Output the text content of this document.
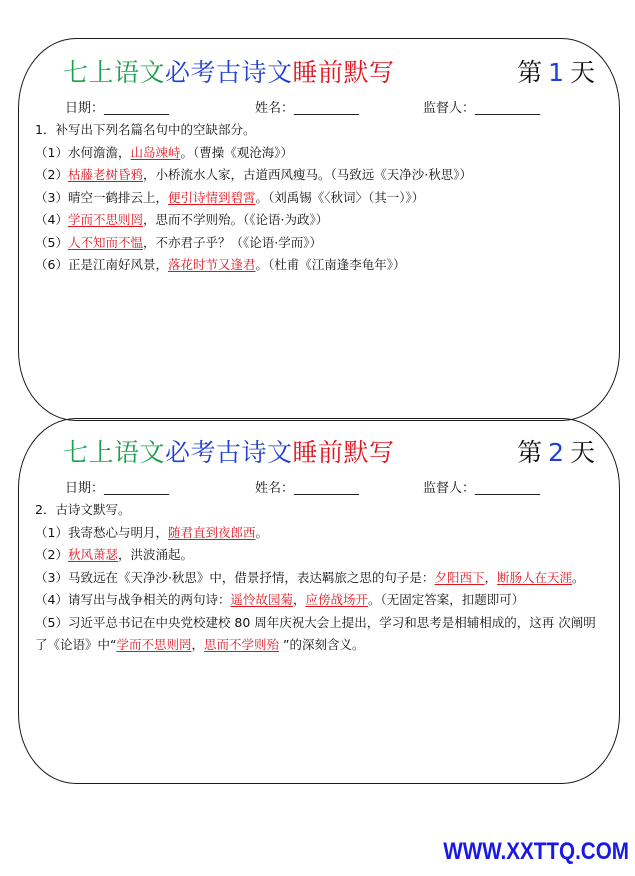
七上语文必考古诗文睡前默写	第 1 天
日期：__________	姓名：__________	监督人：__________
1．补写出下列名篇名句中的空缺部分。
（1）水何澹澹，山岛竦峙。（曹操《观沧海》）
（2）枯藤老树昏鸦，小桥流水人家，古道西风瘦马。（马致远《天净沙·秋思》）
（3）晴空一鹤排云上，便引诗情到碧霄。（刘禹锡《〈秋词〉（其一）》）
（4）学而不思则罔，思而不学则殆。（《论语·为政》）
（5）人不知而不愠，不亦君子乎？（《论语·学而》）
（6）正是江南好风景，落花时节又逢君。（杜甫《江南逢李龟年》）
七上语文必考古诗文睡前默写	第 2 天
日期：__________	姓名：__________	监督人：__________
2．古诗文默写。
（1）我寄愁心与明月，随君直到夜郎西。
（2）秋风萧瑟，洪波涌起。
（3）马致远在《天净沙·秋思》中，借景抒情，表达羁旅之思的句子是：夕阳西下，断肠人在天涯。
（4）请写出与战争相关的两句诗：遥怜故园菊，应傍战场开。（无固定答案，扣题即可）
（5）习近平总书记在中央党校建校 80 周年庆祝大会上提出，学习和思考是相辅相成的，这再 次阐明了《论语》中“学而不思则罔，思而不学则殆 ”的深刻含义。
WWW.XXTTQ.COM
